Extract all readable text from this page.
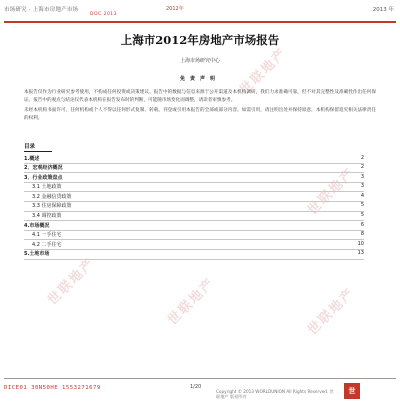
市场研究 · 上海市房地产市场	2012年	2013 年
DOC 2013
世联地产
世联地产
世联地产	世联地产	世联地产
上海市2012年房地产市场报告
上海市场研究中心
免责声明

本报告仅作为行业研究参考使用，不构成任何投资或决策建议。报告中的数据与信息来源于公开渠道及本机构调研，我们力求准确可靠，但不对其完整性及准确性作出任何保证。报告中的观点与结论仅代表本机构在报告发布时的判断，可能随市场变化而调整，请读者审慎参考。

未经本机构书面许可，任何机构或个人不得以任何形式复制、转载、刊登或引用本报告的全部或部分内容。如需引用，请注明出处并保持原意，本机构保留追究相关法律责任的权利。

目录
1.概述	2
2．宏观经济概况	2
3．行业政策盘点	3
3.1 土地政策	3
3.2 金融信贷政策	4
3.3 住房保障政策	5
3.4 调控政策	5
4.市场概况	6
4.1 一手住宅	8
4.2 二手住宅	10
5.土地市场	13
DICE01 30N50HE 1553271679	1/20
Copyright © 2013 WORLDUNION All Rights Reserved. 世联地产 版权所有
世
